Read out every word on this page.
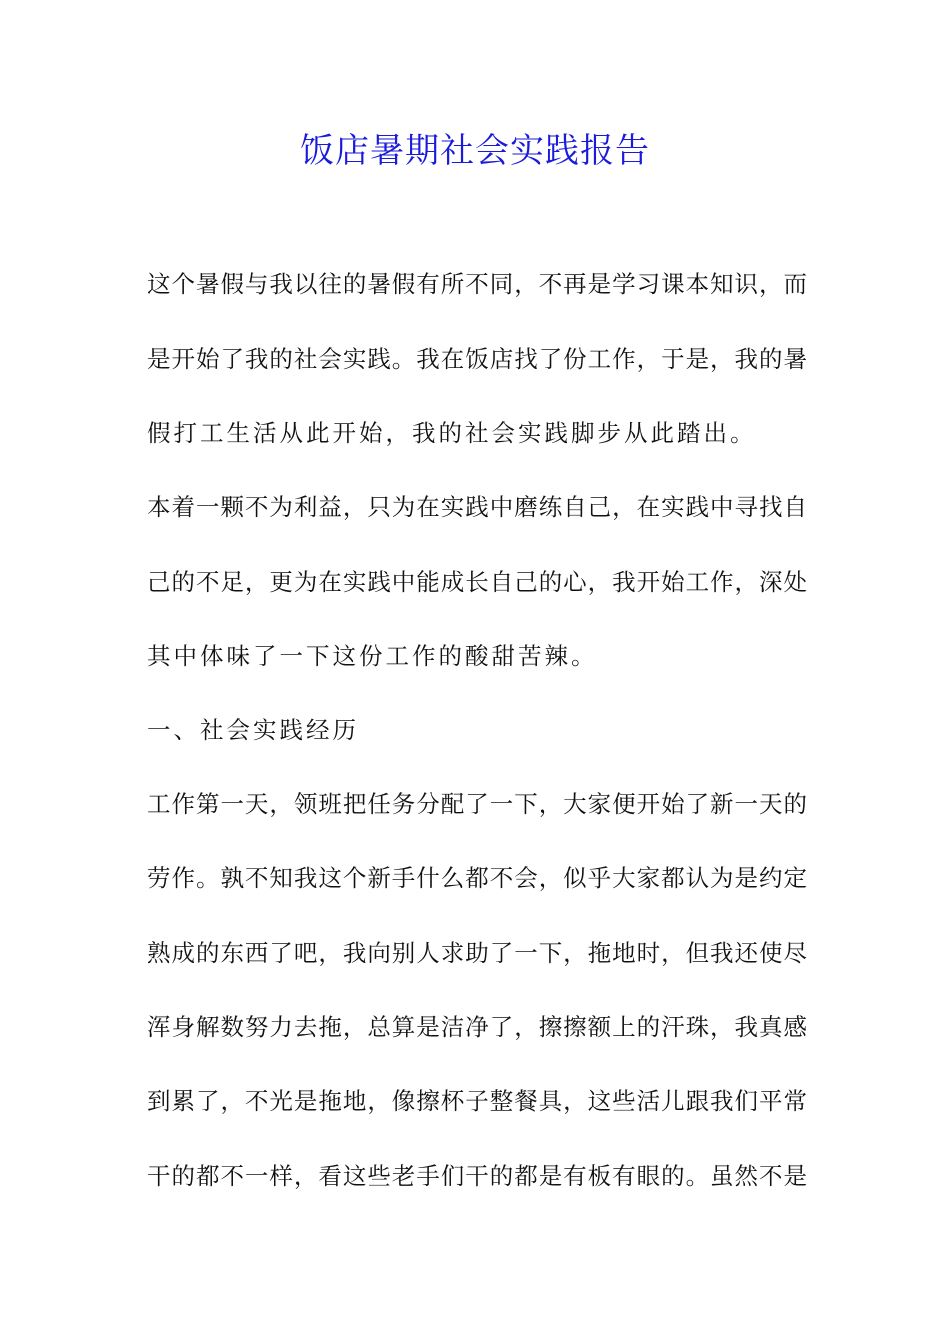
饭店暑期社会实践报告

这个暑假与我以往的暑假有所不同，不再是学习课本知识，而

是开始了我的社会实践。我在饭店找了份工作，于是，我的暑

假打工生活从此开始，我的社会实践脚步从此踏出。

本着一颗不为利益，只为在实践中磨练自己，在实践中寻找自

己的不足，更为在实践中能成长自己的心，我开始工作，深处

其中体味了一下这份工作的酸甜苦辣。

一、社会实践经历

工作第一天，领班把任务分配了一下，大家便开始了新一天的

劳作。孰不知我这个新手什么都不会，似乎大家都认为是约定

熟成的东西了吧，我向别人求助了一下，拖地时，但我还使尽

浑身解数努力去拖，总算是洁净了，擦擦额上的汗珠，我真感

到累了，不光是拖地，像擦杯子整餐具，这些活儿跟我们平常

干的都不一样，看这些老手们干的都是有板有眼的。虽然不是
